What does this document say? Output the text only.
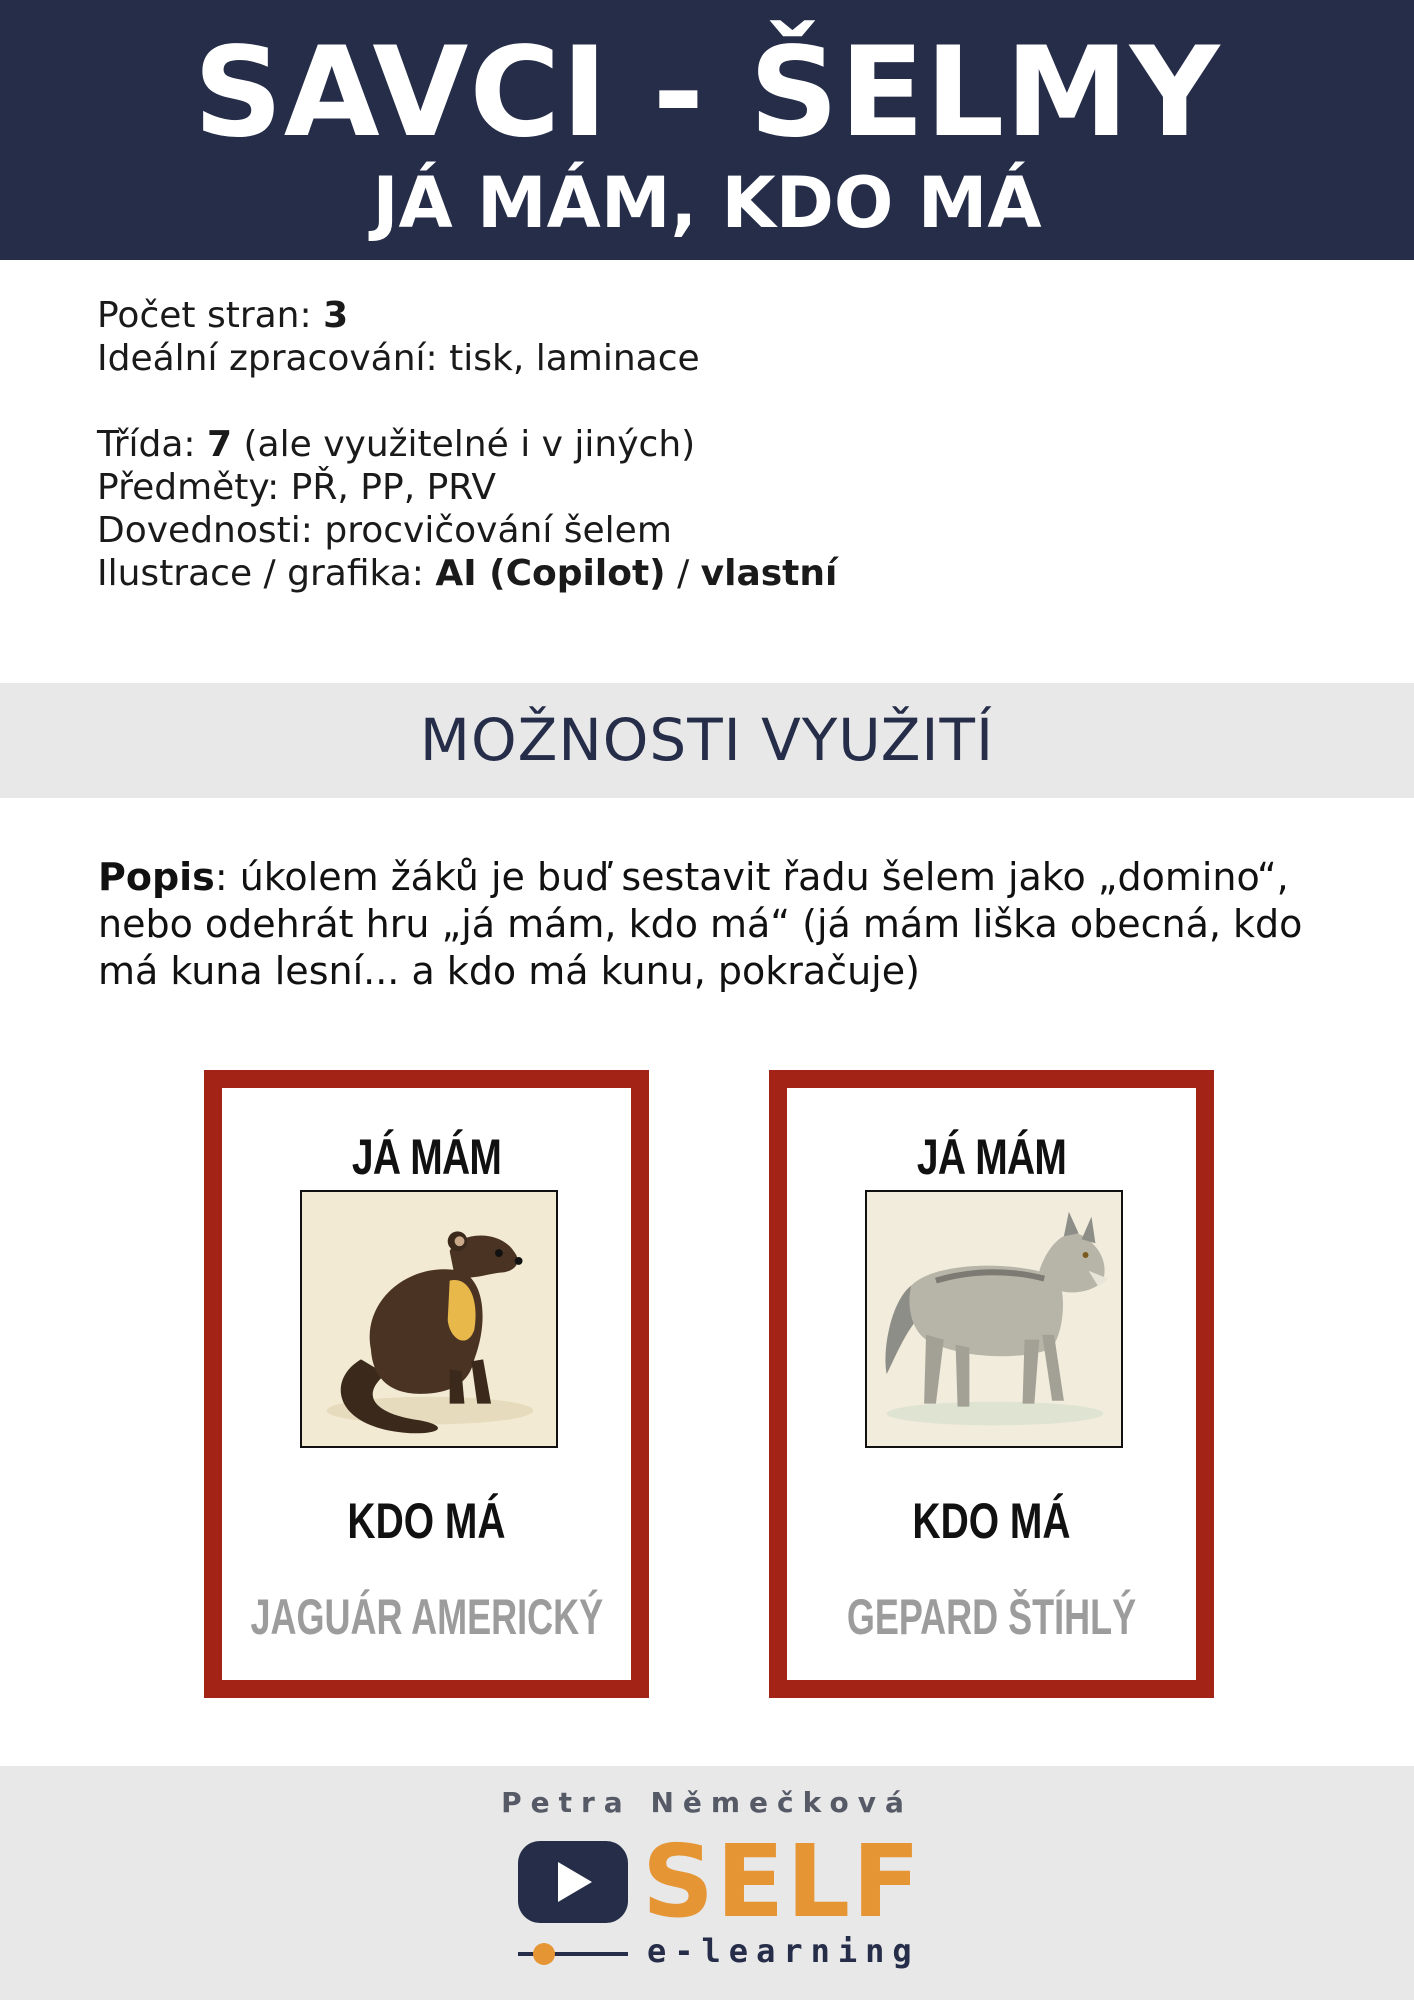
SAVCI - ŠELMY
JÁ MÁM, KDO MÁ
Počet stran: 3
Ideální zpracování: tisk, laminace
Třída: 7 (ale využitelné i v jiných)
Předměty: PŘ, PP, PRV
Dovednosti: procvičování šelem
Ilustrace / grafika: AI (Copilot) / vlastní
MOŽNOSTI VYUŽITÍ
Popis: úkolem žáků je buď sestavit řadu šelem jako „domino“, nebo odehrát hru „já mám, kdo má“ (já mám liška obecná, kdo má kuna lesní... a kdo má kunu, pokračuje)
JÁ MÁM
KDO MÁ
JAGUÁR AMERICKÝ
JÁ MÁM
KDO MÁ
GEPARD ŠTÍHLÝ
Petra Němečková
SELF
e-learning
